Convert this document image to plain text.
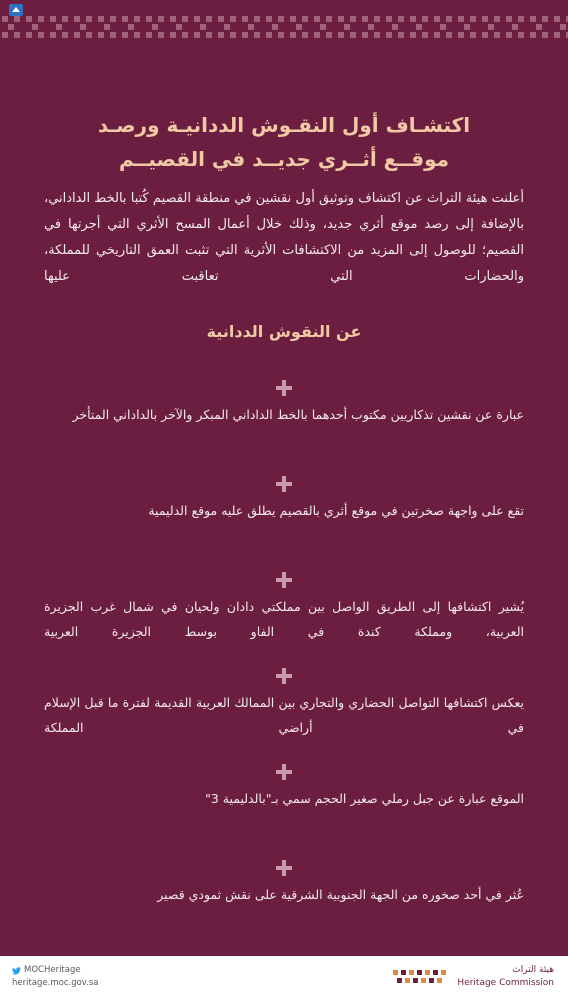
اكتشـاف أول النقـوش الددانيـة ورصـد
موقــع أثــري جديــد في القصيــم

أعلنت هيئة التراث عن اكتشاف وتوثيق أول نقشين في منطقة القصيم كُتبا بالخط الداداني، بالإضافة إلى رصد موقع أثري جديد، وذلك خلال أعمال المسح الأثري التي أجرتها في القصيم؛ للوصول إلى المزيد من الاكتشافات الأثرية التي تثبت العمق التاريخي للمملكة، والحضارات التي تعاقبت عليها

عن النقوش الددانية
عبارة عن نقشين تذكاريين مكتوب أحدهما بالخط الداداني المبكر والآخر بالداداني المتأخر
تقع على واجهة صخرتين في موقع أثري بالقصيم يطلق عليه موقع الدليمية
يُشير اكتشافها إلى الطريق الواصل بين مملكتي دادان ولحيان في شمال غرب الجزيرة العربية، ومملكة كندة في الفاو بوسط الجزيرة العربية
يعكس اكتشافها التواصل الحضاري والتجاري بين الممالك العربية القديمة لفترة ما قبل الإسلام في أراضي المملكة
الموقع عبارة عن جبل رملي صغير الحجم سمي بـ"بالدليمية 3"
عُثر في أحد صخوره من الجهة الجنوبية الشرقية على نقش ثمودي قصير
MOCHeritage
heritage.moc.gov.sa
هيئة التراث
Heritage Commission
